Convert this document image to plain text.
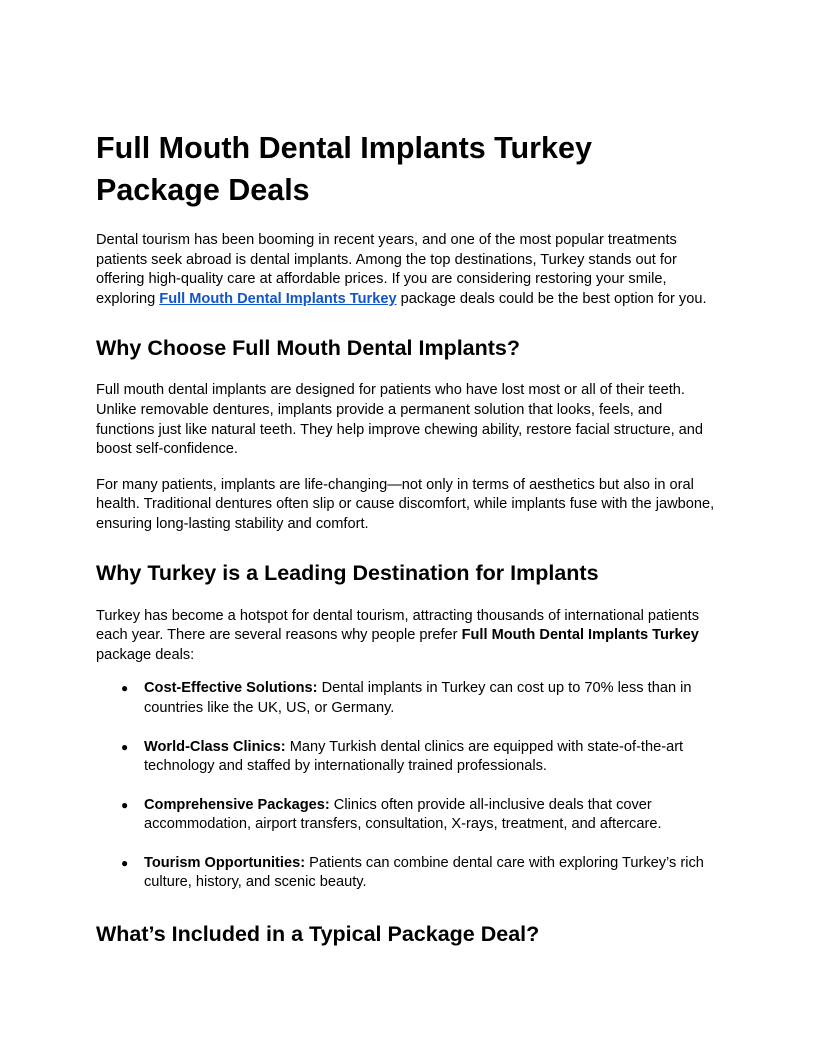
Full Mouth Dental Implants Turkey
Package Deals

Dental tourism has been booming in recent years, and one of the most popular treatments patients seek abroad is dental implants. Among the top destinations, Turkey stands out for offering high-quality care at affordable prices. If you are considering restoring your smile, exploring Full Mouth Dental Implants Turkey package deals could be the best option for you.

Why Choose Full Mouth Dental Implants?

Full mouth dental implants are designed for patients who have lost most or all of their teeth. Unlike removable dentures, implants provide a permanent solution that looks, feels, and functions just like natural teeth. They help improve chewing ability, restore facial structure, and boost self-confidence.

For many patients, implants are life-changing—not only in terms of aesthetics but also in oral health. Traditional dentures often slip or cause discomfort, while implants fuse with the jawbone, ensuring long-lasting stability and comfort.

Why Turkey is a Leading Destination for Implants

Turkey has become a hotspot for dental tourism, attracting thousands of international patients each year. There are several reasons why people prefer Full Mouth Dental Implants Turkey package deals:

● Cost-Effective Solutions: Dental implants in Turkey can cost up to 70% less than in countries like the UK, US, or Germany.
● World-Class Clinics: Many Turkish dental clinics are equipped with state-of-the-art technology and staffed by internationally trained professionals.
● Comprehensive Packages: Clinics often provide all-inclusive deals that cover accommodation, airport transfers, consultation, X-rays, treatment, and aftercare.
● Tourism Opportunities: Patients can combine dental care with exploring Turkey’s rich culture, history, and scenic beauty.
What’s Included in a Typical Package Deal?
